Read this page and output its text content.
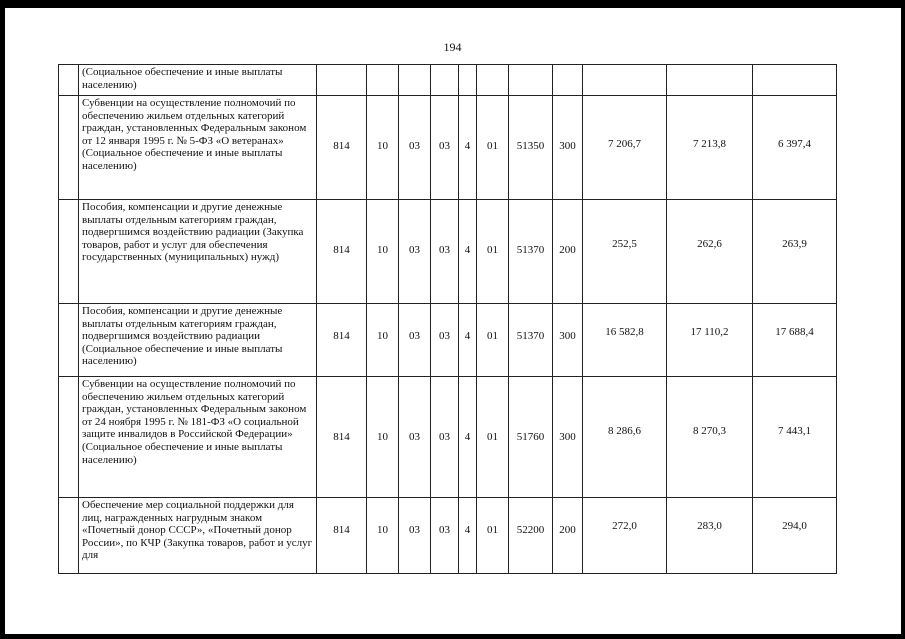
194
	(Социальное обеспечение и иные выплаты населению)											
	Субвенции на осуществление полномочий по обеспечению жильем отдельных категорий граждан, установленных Федеральным законом от 12 января 1995 г. № 5-ФЗ «О ветеранах» (Социальное обеспечение и иные выплаты населению)	814	10	03	03	4	01	51350	300	7 206,7	7 213,8	6 397,4
	Пособия, компенсации и другие денежные выплаты отдельным категориям граждан, подвергшимся воздействию радиации (Закупка товаров, работ и услуг для обеспечения государственных (муниципальных) нужд)	814	10	03	03	4	01	51370	200	252,5	262,6	263,9
	Пособия, компенсации и другие денежные выплаты отдельным категориям граждан, подвергшимся воздействию радиации (Социальное обеспечение и иные выплаты населению)	814	10	03	03	4	01	51370	300	16 582,8	17 110,2	17 688,4
	Субвенции на осуществление полномочий по обеспечению жильем отдельных категорий граждан, установленных Федеральным законом от 24 ноября 1995 г. № 181-ФЗ «О социальной защите инвалидов в Российской Федерации» (Социальное обеспечение и иные выплаты населению)	814	10	03	03	4	01	51760	300	8 286,6	8 270,3	7 443,1
	Обеспечение мер социальной поддержки для лиц, награжденных нагрудным знаком «Почетный донор СССР», «Почетный донор России», по КЧР (Закупка товаров, работ и услуг для	814	10	03	03	4	01	52200	200	272,0	283,0	294,0
